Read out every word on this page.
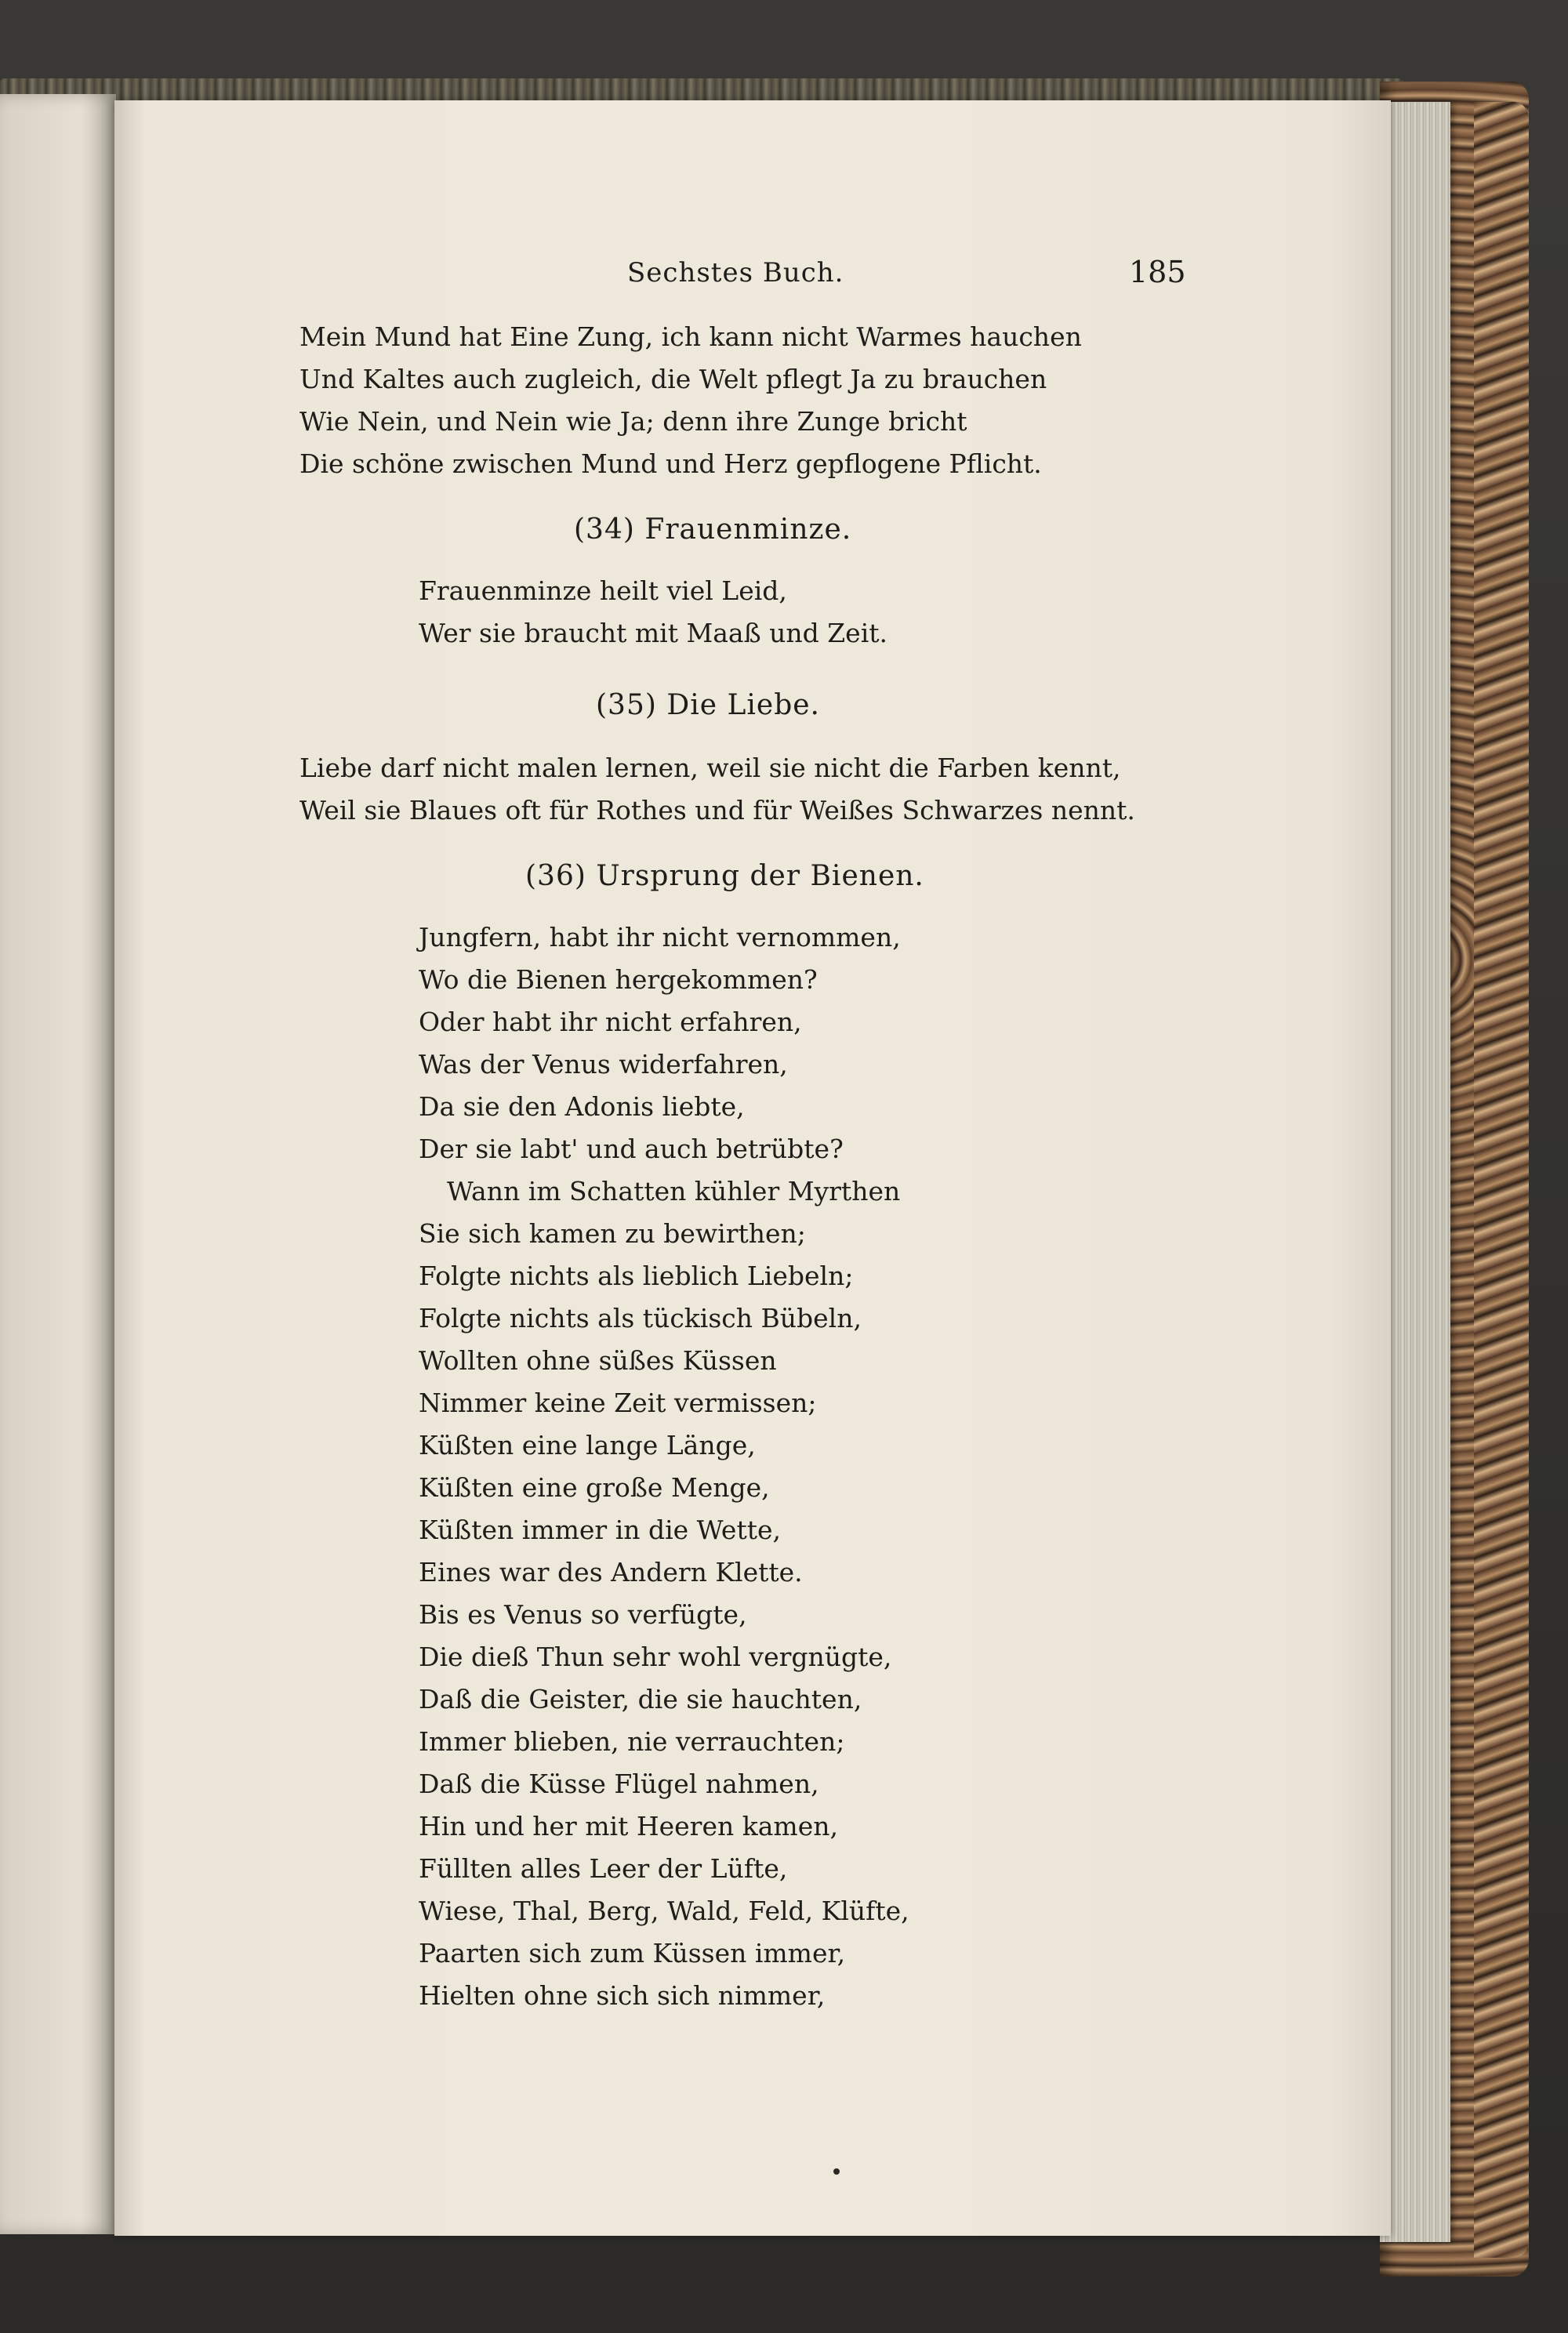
Sechstes Buch.	185
Mein Mund hat Eine Zung, ich kann nicht Warmes hauchen
Und Kaltes auch zugleich, die Welt pflegt Ja zu brauchen
Wie Nein, und Nein wie Ja; denn ihre Zunge bricht
Die schöne zwischen Mund und Herz gepflogene Pflicht.
(34) Frauenminze.
Frauenminze heilt viel Leid,
Wer sie braucht mit Maaß und Zeit.
(35) Die Liebe.
Liebe darf nicht malen lernen, weil sie nicht die Farben kennt,
Weil sie Blaues oft für Rothes und für Weißes Schwarzes nennt.
(36) Ursprung der Bienen.
Jungfern, habt ihr nicht vernommen,
Wo die Bienen hergekommen?
Oder habt ihr nicht erfahren,
Was der Venus widerfahren,
Da sie den Adonis liebte,
Der sie labt' und auch betrübte?
Wann im Schatten kühler Myrthen
Sie sich kamen zu bewirthen;
Folgte nichts als lieblich Liebeln;
Folgte nichts als tückisch Bübeln,
Wollten ohne süßes Küssen
Nimmer keine Zeit vermissen;
Küßten eine lange Länge,
Küßten eine große Menge,
Küßten immer in die Wette,
Eines war des Andern Klette.
Bis es Venus so verfügte,
Die dieß Thun sehr wohl vergnügte,
Daß die Geister, die sie hauchten,
Immer blieben, nie verrauchten;
Daß die Küsse Flügel nahmen,
Hin und her mit Heeren kamen,
Füllten alles Leer der Lüfte,
Wiese, Thal, Berg, Wald, Feld, Klüfte,
Paarten sich zum Küssen immer,
Hielten ohne sich sich nimmer,
